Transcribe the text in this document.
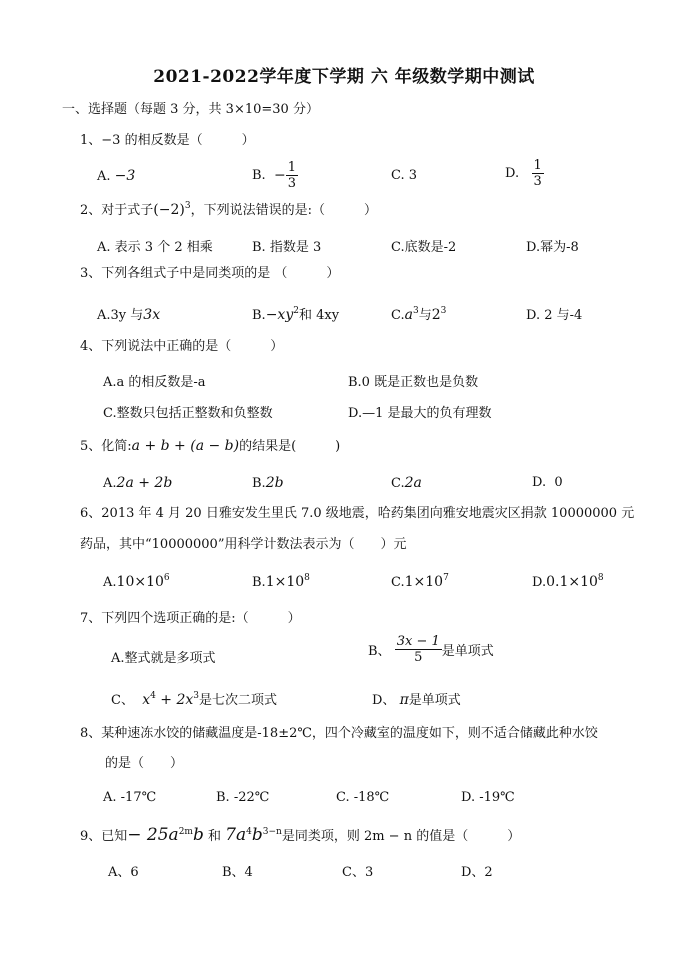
2021-2022学年度下学期 六 年级数学期中测试
一、选择题（每题 3 分，共 3×10=30 分）
1、−3 的相反数是（　　　）
A. −3	B. − $\frac{1}{3}$	C. 3	D. $\frac{1}{3}$
2、对于式子$(-2)^3$，下列说法错误的是:（　　　）
A. 表示 3 个 2 相乘	B. 指数是 3	C.底数是-2	D.幂为-8
3、下列各组式子中是同类项的是 （　　　）
A.3y 与3x	$B.-xy^2$和 4xy	$C.a^3$与$2^3$	D. 2 与-4
4、下列说法中正确的是（　　　）
A.a 的相反数是-a	B.0 既是正数也是负数
C.整数只包括正整数和负整数	D.—1 是最大的负有理数
5、化简:a + b + (a − b)的结果是(　　　)
A.2a + 2b	B.2b	C.2a	D. 0
6、2013 年 4 月 20 日雅安发生里氏 7.0 级地震，哈药集团向雅安地震灾区捐款 10000000 元
药品，其中“10000000”用科学计数法表示为（　　）元
$A.10\times 10^6$	$B.1\times 10^8$	$C.1\times 10^7$	$D.0.1\times 10^8$
7、下列四个选项正确的是:（　　　）
A.整式就是多项式	B、 $\frac{3x - 1}{5}$ 是单项式
C、 $x^4 + 2x^3$是七次二项式	D、 π是单项式
8、某种速冻水饺的储藏温度是-18±2℃，四个冷藏室的温度如下，则不适合储藏此种水饺
的是（　　）
A. -17℃	B. -22℃	C. -18℃	D. -19℃
9、已知− $25a^{2m}b$ 和 $7a^4b^{3-n}$是同类项，则 2m − n 的值是（　　　）
A、6	B、4	C、3	D、2
